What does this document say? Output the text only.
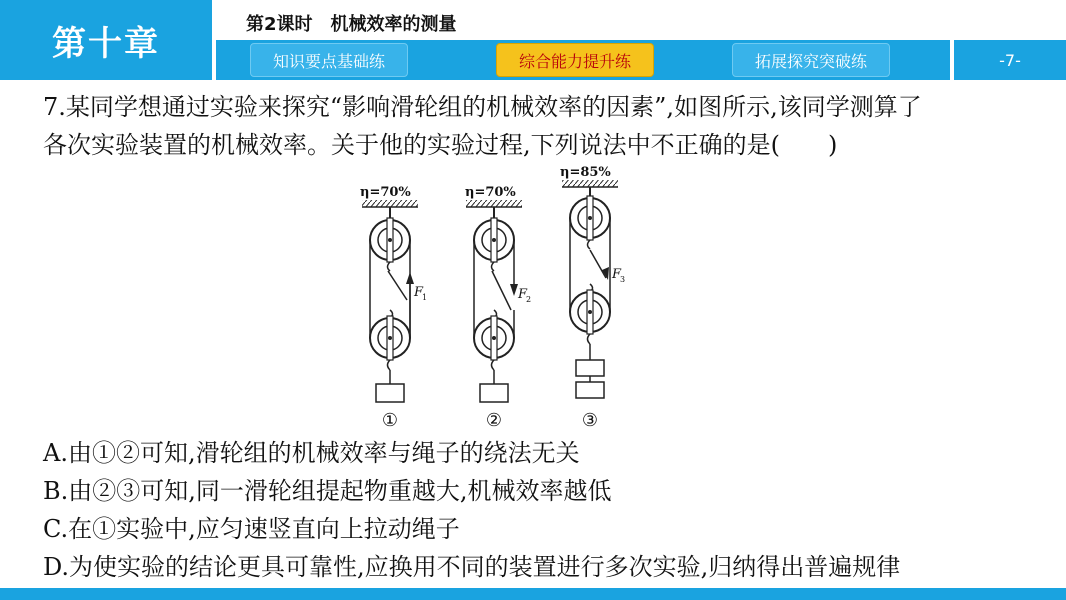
第十章	第2课时　机械效率的测量
知识要点基础练	综合能力提升练	拓展探究突破练	-7-
7.某同学想通过实验来探究“影响滑轮组的机械效率的因素”,如图所示,该同学测算了
各次实验装置的机械效率。关于他的实验过程,下列说法中不正确的是(　　)
η=70%
F
1
①
η=70%
F
2
②
η=85%
F
3
③
A.由①②可知,滑轮组的机械效率与绳子的绕法无关
B.由②③可知,同一滑轮组提起物重越大,机械效率越低
C.在①实验中,应匀速竖直向上拉动绳子
D.为使实验的结论更具可靠性,应换用不同的装置进行多次实验,归纳得出普遍规律
